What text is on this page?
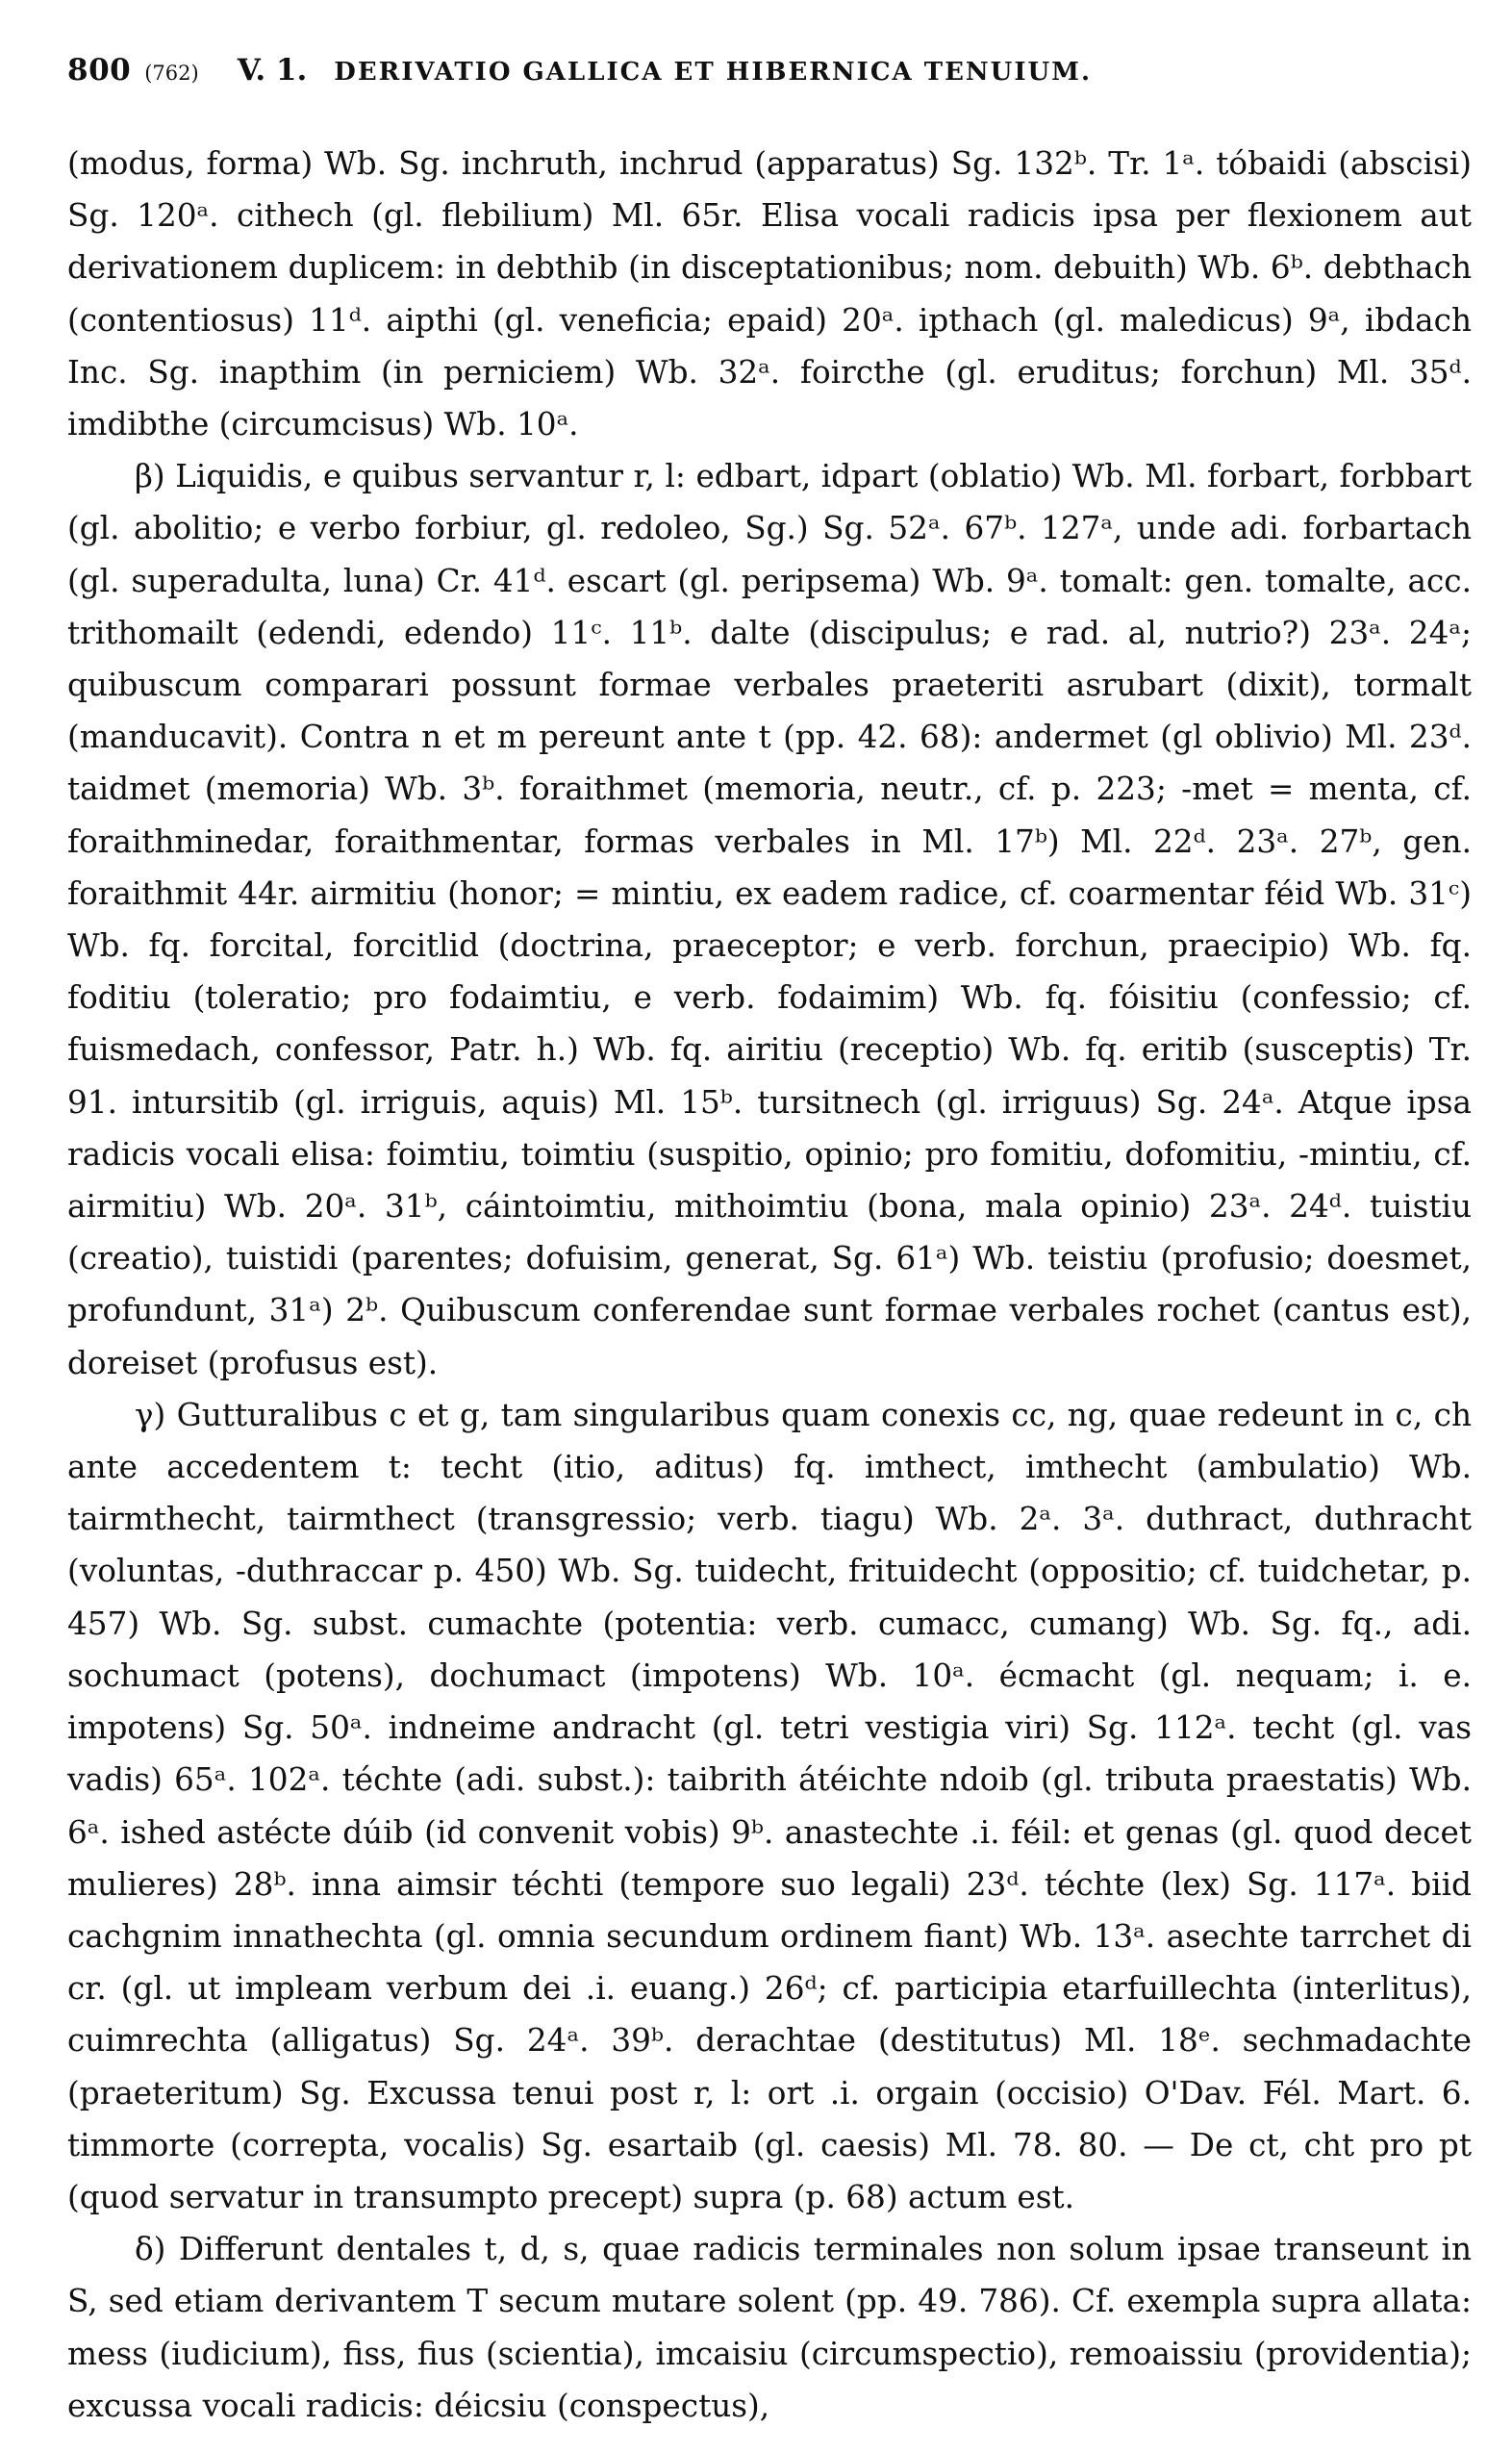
800 (762) V. 1. DERIVATIO GALLICA ET HIBERNICA TENUIUM.

(modus, forma) Wb. Sg. inchruth, inchrud (apparatus) Sg. 132ᵇ. Tr. 1ᵃ. tóbaidi (abscisi) Sg. 120ᵃ. cithech (gl. flebilium) Ml. 65r. Elisa vocali radicis ipsa per flexionem aut derivationem duplicem: in debthib (in disceptationibus; nom. debuith) Wb. 6ᵇ. debthach (contentiosus) 11ᵈ. aipthi (gl. veneficia; epaid) 20ᵃ. ipthach (gl. maledicus) 9ᵃ, ibdach Inc. Sg. inapthim (in perniciem) Wb. 32ᵃ. foircthe (gl. eruditus; forchun) Ml. 35ᵈ. imdibthe (circumcisus) Wb. 10ᵃ.

β) Liquidis, e quibus servantur r, l: edbart, idpart (oblatio) Wb. Ml. forbart, forbbart (gl. abolitio; e verbo forbiur, gl. redoleo, Sg.) Sg. 52ᵃ. 67ᵇ. 127ᵃ, unde adi. forbartach (gl. superadulta, luna) Cr. 41ᵈ. escart (gl. peripsema) Wb. 9ᵃ. tomalt: gen. tomalte, acc. trithomailt (edendi, edendo) 11ᶜ. 11ᵇ. dalte (discipulus; e rad. al, nutrio?) 23ᵃ. 24ᵃ; quibuscum comparari possunt formae verbales praeteriti asrubart (dixit), tormalt (manducavit). Contra n et m pereunt ante t (pp. 42. 68): andermet (gl oblivio) Ml. 23ᵈ. taidmet (memoria) Wb. 3ᵇ. foraithmet (memoria, neutr., cf. p. 223; -met = menta, cf. foraithminedar, foraithmentar, formas verbales in Ml. 17ᵇ) Ml. 22ᵈ. 23ᵃ. 27ᵇ, gen. foraithmit 44r. airmitiu (honor; = mintiu, ex eadem radice, cf. coarmentar féid Wb. 31ᶜ) Wb. fq. forcital, forcitlid (doctrina, praeceptor; e verb. forchun, praecipio) Wb. fq. foditiu (toleratio; pro fodaimtiu, e verb. fodaimim) Wb. fq. fóisitiu (confessio; cf. fuismedach, confessor, Patr. h.) Wb. fq. airitiu (receptio) Wb. fq. eritib (susceptis) Tr. 91. intursitib (gl. irriguis, aquis) Ml. 15ᵇ. tursitnech (gl. irriguus) Sg. 24ᵃ. Atque ipsa radicis vocali elisa: foimtiu, toimtiu (suspitio, opinio; pro fomitiu, dofomitiu, -mintiu, cf. airmitiu) Wb. 20ᵃ. 31ᵇ, cáintoimtiu, mithoimtiu (bona, mala opinio) 23ᵃ. 24ᵈ. tuistiu (creatio), tuistidi (parentes; dofuisim, generat, Sg. 61ᵃ) Wb. teistiu (profusio; doesmet, profundunt, 31ᵃ) 2ᵇ. Quibuscum conferendae sunt formae verbales rochet (cantus est), doreiset (profusus est).

γ) Gutturalibus c et g, tam singularibus quam conexis cc, ng, quae redeunt in c, ch ante accedentem t: techt (itio, aditus) fq. imthect, imthecht (ambulatio) Wb. tairmthecht, tairmthect (transgressio; verb. tiagu) Wb. 2ᵃ. 3ᵃ. duthract, duthracht (voluntas, -duthraccar p. 450) Wb. Sg. tuidecht, frituidecht (oppositio; cf. tuidchetar, p. 457) Wb. Sg. subst. cumachte (potentia: verb. cumacc, cumang) Wb. Sg. fq., adi. sochumact (potens), dochumact (impotens) Wb. 10ᵃ. écmacht (gl. nequam; i. e. impotens) Sg. 50ᵃ. indneime andracht (gl. tetri vestigia viri) Sg. 112ᵃ. techt (gl. vas vadis) 65ᵃ. 102ᵃ. téchte (adi. subst.): taibrith átéichte ndoib (gl. tributa praestatis) Wb. 6ᵃ. ished astécte dúib (id convenit vobis) 9ᵇ. anastechte .i. féil: et genas (gl. quod decet mulieres) 28ᵇ. inna aimsir téchti (tempore suo legali) 23ᵈ. téchte (lex) Sg. 117ᵃ. biid cachgnim innathechta (gl. omnia secundum ordinem fiant) Wb. 13ᵃ. asechte tarrchet di cr. (gl. ut impleam verbum dei .i. euang.) 26ᵈ; cf. participia etarfuillechta (interlitus), cuimrechta (alligatus) Sg. 24ᵃ. 39ᵇ. derachtae (destitutus) Ml. 18ᵉ. sechmadachte (praeteritum) Sg. Excussa tenui post r, l: ort .i. orgain (occisio) O'Dav. Fél. Mart. 6. timmorte (correpta, vocalis) Sg. esartaib (gl. caesis) Ml. 78. 80. — De ct, cht pro pt (quod servatur in transumpto precept) supra (p. 68) actum est.

δ) Differunt dentales t, d, s, quae radicis terminales non solum ipsae transeunt in S, sed etiam derivantem T secum mutare solent (pp. 49. 786). Cf. exempla supra allata: mess (iudicium), fiss, fius (scientia), imcaisiu (circumspectio), remoaissiu (providentia); excussa vocali radicis: déicsiu (conspectus),
